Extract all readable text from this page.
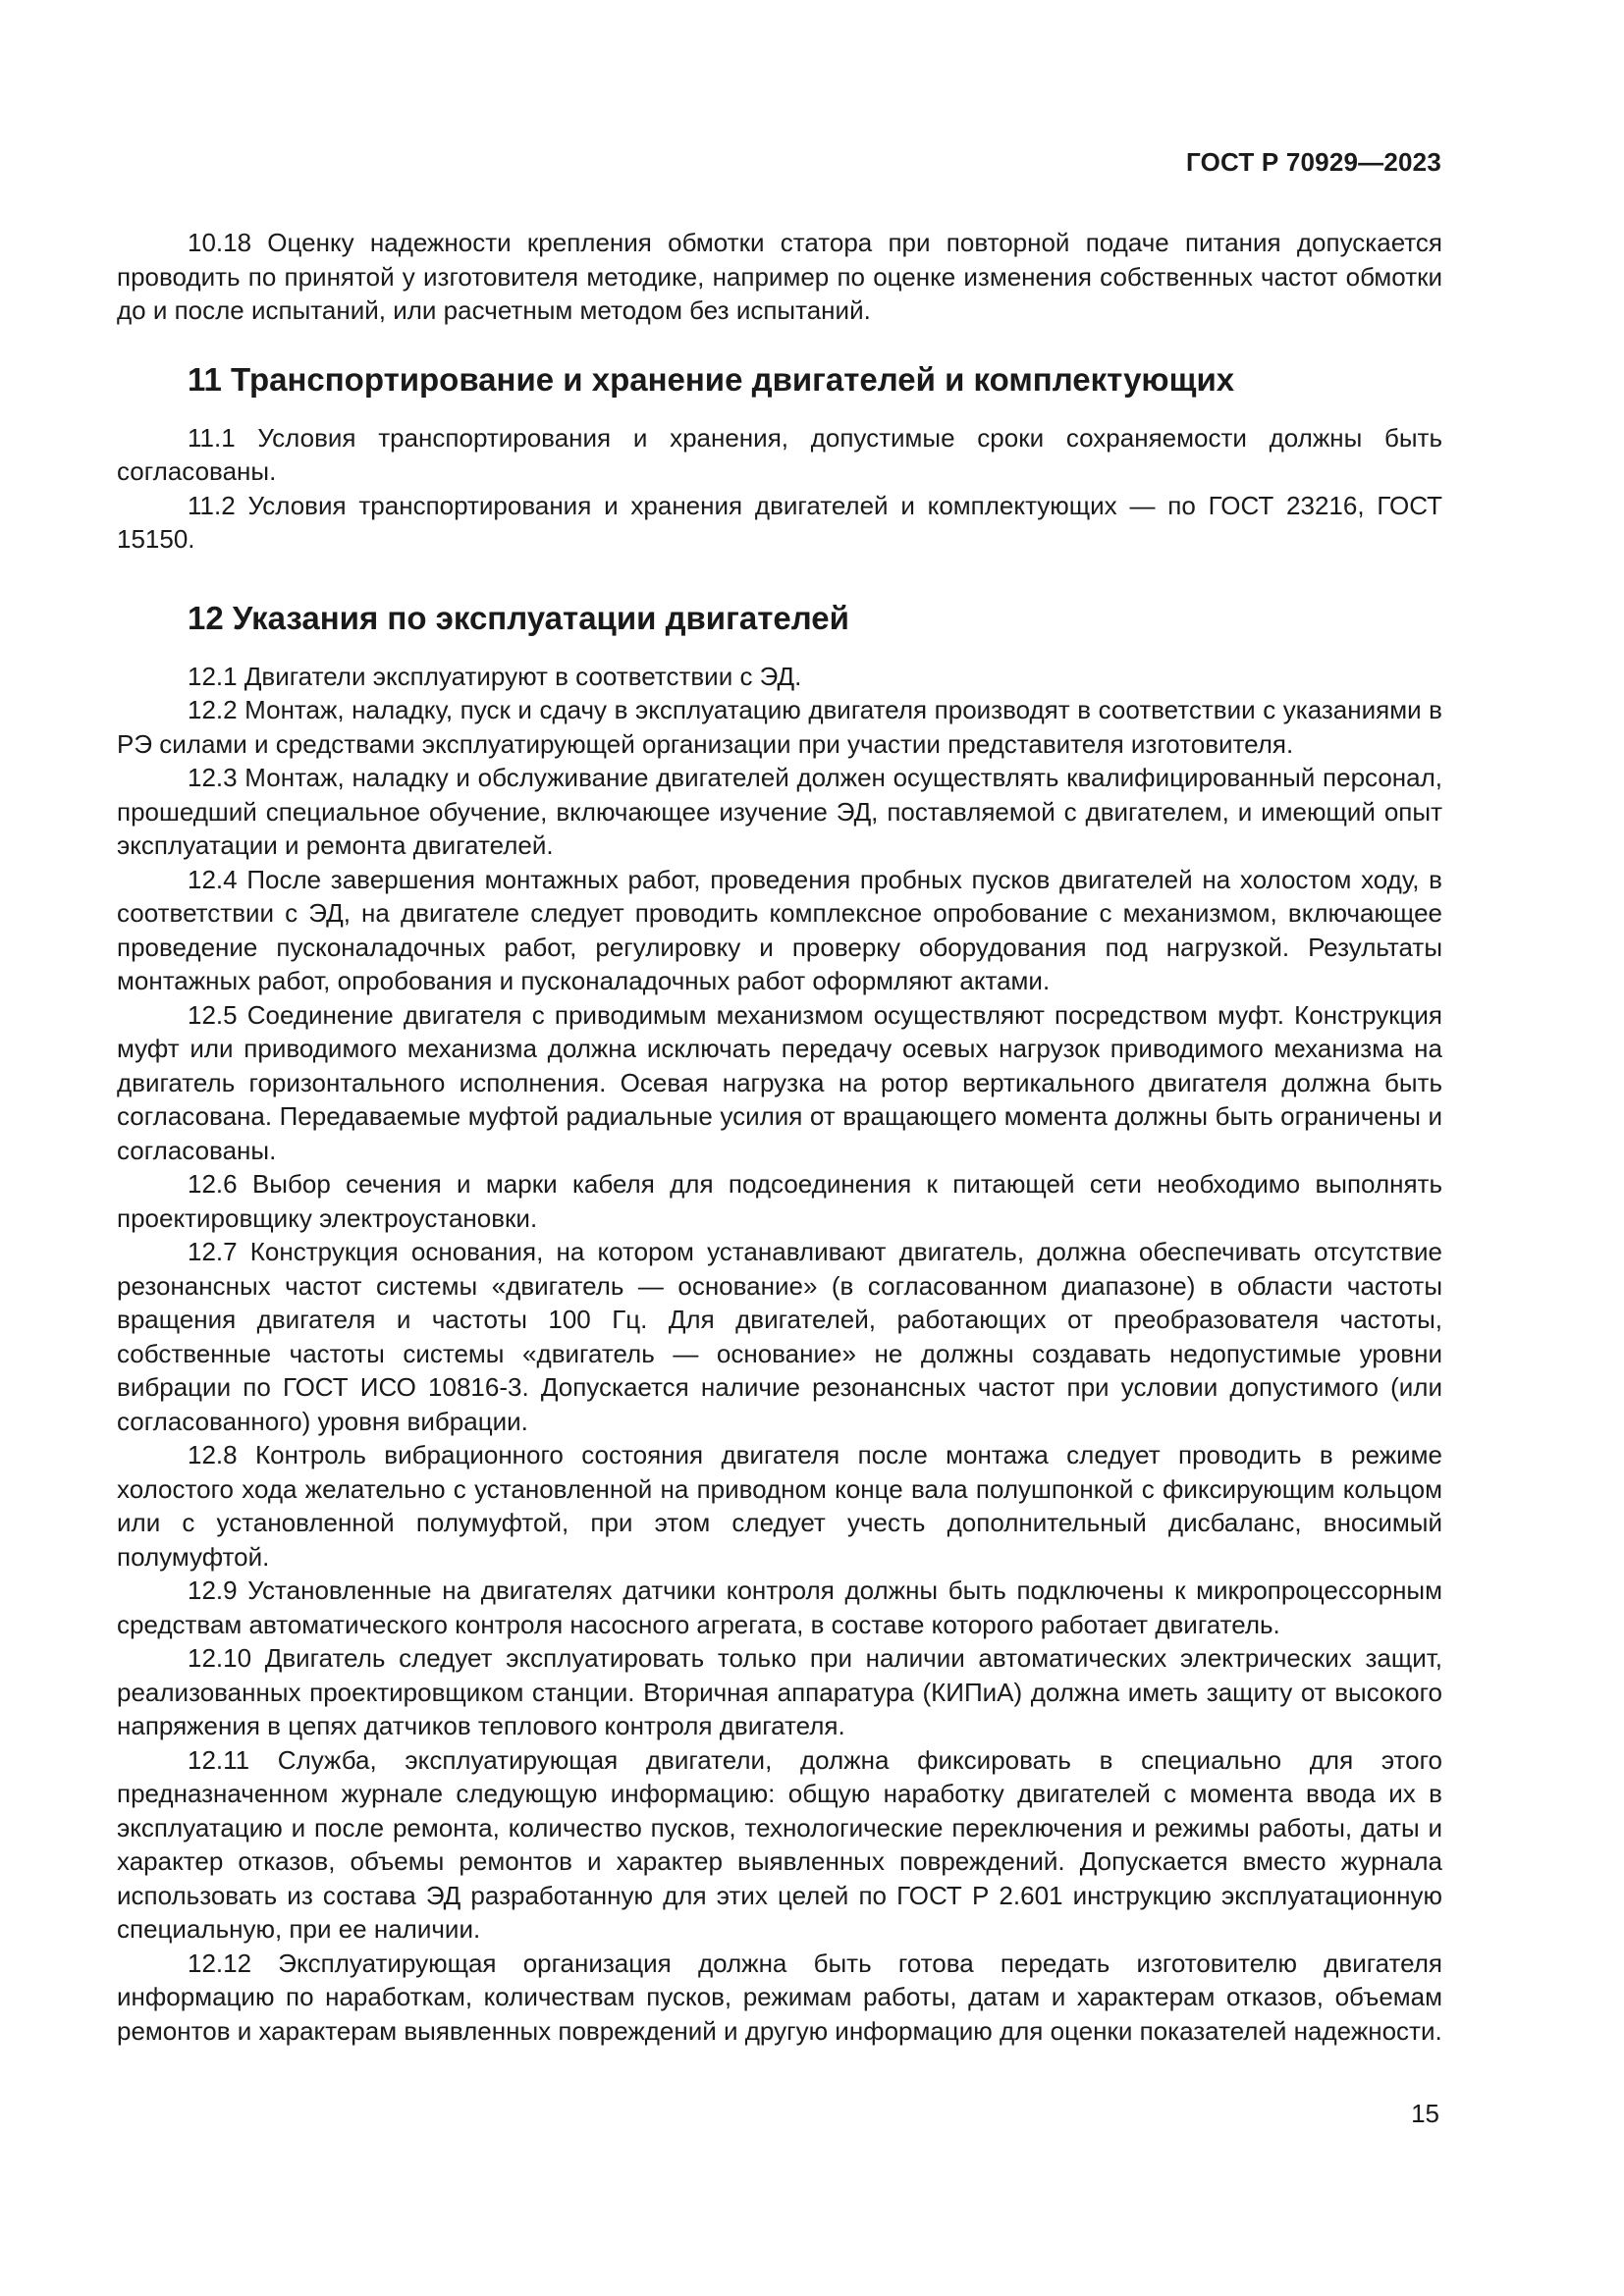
ГОСТ Р 70929—2023

10.18 Оценку надежности крепления обмотки статора при повторной подаче питания допускается проводить по принятой у изготовителя методике, например по оценке изменения собственных частот обмотки до и после испытаний, или расчетным методом без испытаний.

11 Транспортирование и хранение двигателей и комплектующих

11.1 Условия транспортирования и хранения, допустимые сроки сохраняемости должны быть согласованы.

11.2 Условия транспортирования и хранения двигателей и комплектующих — по ГОСТ 23216, ГОСТ 15150.

12 Указания по эксплуатации двигателей

12.1 Двигатели эксплуатируют в соответствии с ЭД.

12.2 Монтаж, наладку, пуск и сдачу в эксплуатацию двигателя производят в соответствии с указаниями в РЭ силами и средствами эксплуатирующей организации при участии представителя изготовителя.

12.3 Монтаж, наладку и обслуживание двигателей должен осуществлять квалифицированный персонал, прошедший специальное обучение, включающее изучение ЭД, поставляемой с двигателем, и имеющий опыт эксплуатации и ремонта двигателей.

12.4 После завершения монтажных работ, проведения пробных пусков двигателей на холостом ходу, в соответствии с ЭД, на двигателе следует проводить комплексное опробование с механизмом, включающее проведение пусконаладочных работ, регулировку и проверку оборудования под нагрузкой. Результаты монтажных работ, опробования и пусконаладочных работ оформляют актами.

12.5 Соединение двигателя с приводимым механизмом осуществляют посредством муфт. Конструкция муфт или приводимого механизма должна исключать передачу осевых нагрузок приводимого механизма на двигатель горизонтального исполнения. Осевая нагрузка на ротор вертикального двигателя должна быть согласована. Передаваемые муфтой радиальные усилия от вращающего момента должны быть ограничены и согласованы.

12.6 Выбор сечения и марки кабеля для подсоединения к питающей сети необходимо выполнять проектировщику электроустановки.

12.7 Конструкция основания, на котором устанавливают двигатель, должна обеспечивать отсутствие резонансных частот системы «двигатель — основание» (в согласованном диапазоне) в области частоты вращения двигателя и частоты 100 Гц. Для двигателей, работающих от преобразователя частоты, собственные частоты системы «двигатель — основание» не должны создавать недопустимые уровни вибрации по ГОСТ ИСО 10816-3. Допускается наличие резонансных частот при условии допустимого (или согласованного) уровня вибрации.

12.8 Контроль вибрационного состояния двигателя после монтажа следует проводить в режиме холостого хода желательно с установленной на приводном конце вала полушпонкой с фиксирующим кольцом или с установленной полумуфтой, при этом следует учесть дополнительный дисбаланс, вносимый полумуфтой.

12.9 Установленные на двигателях датчики контроля должны быть подключены к микропроцессорным средствам автоматического контроля насосного агрегата, в составе которого работает двигатель.

12.10 Двигатель следует эксплуатировать только при наличии автоматических электрических защит, реализованных проектировщиком станции. Вторичная аппаратура (КИПиА) должна иметь защиту от высокого напряжения в цепях датчиков теплового контроля двигателя.

12.11 Служба, эксплуатирующая двигатели, должна фиксировать в специально для этого предназначенном журнале следующую информацию: общую наработку двигателей с момента ввода их в эксплуатацию и после ремонта, количество пусков, технологические переключения и режимы работы, даты и характер отказов, объемы ремонтов и характер выявленных повреждений. Допускается вместо журнала использовать из состава ЭД разработанную для этих целей по ГОСТ Р 2.601 инструкцию эксплуатационную специальную, при ее наличии.

12.12 Эксплуатирующая организация должна быть готова передать изготовителю двигателя информацию по наработкам, количествам пусков, режимам работы, датам и характерам отказов, объемам ремонтов и характерам выявленных повреждений и другую информацию для оценки показателей надежности.

15
